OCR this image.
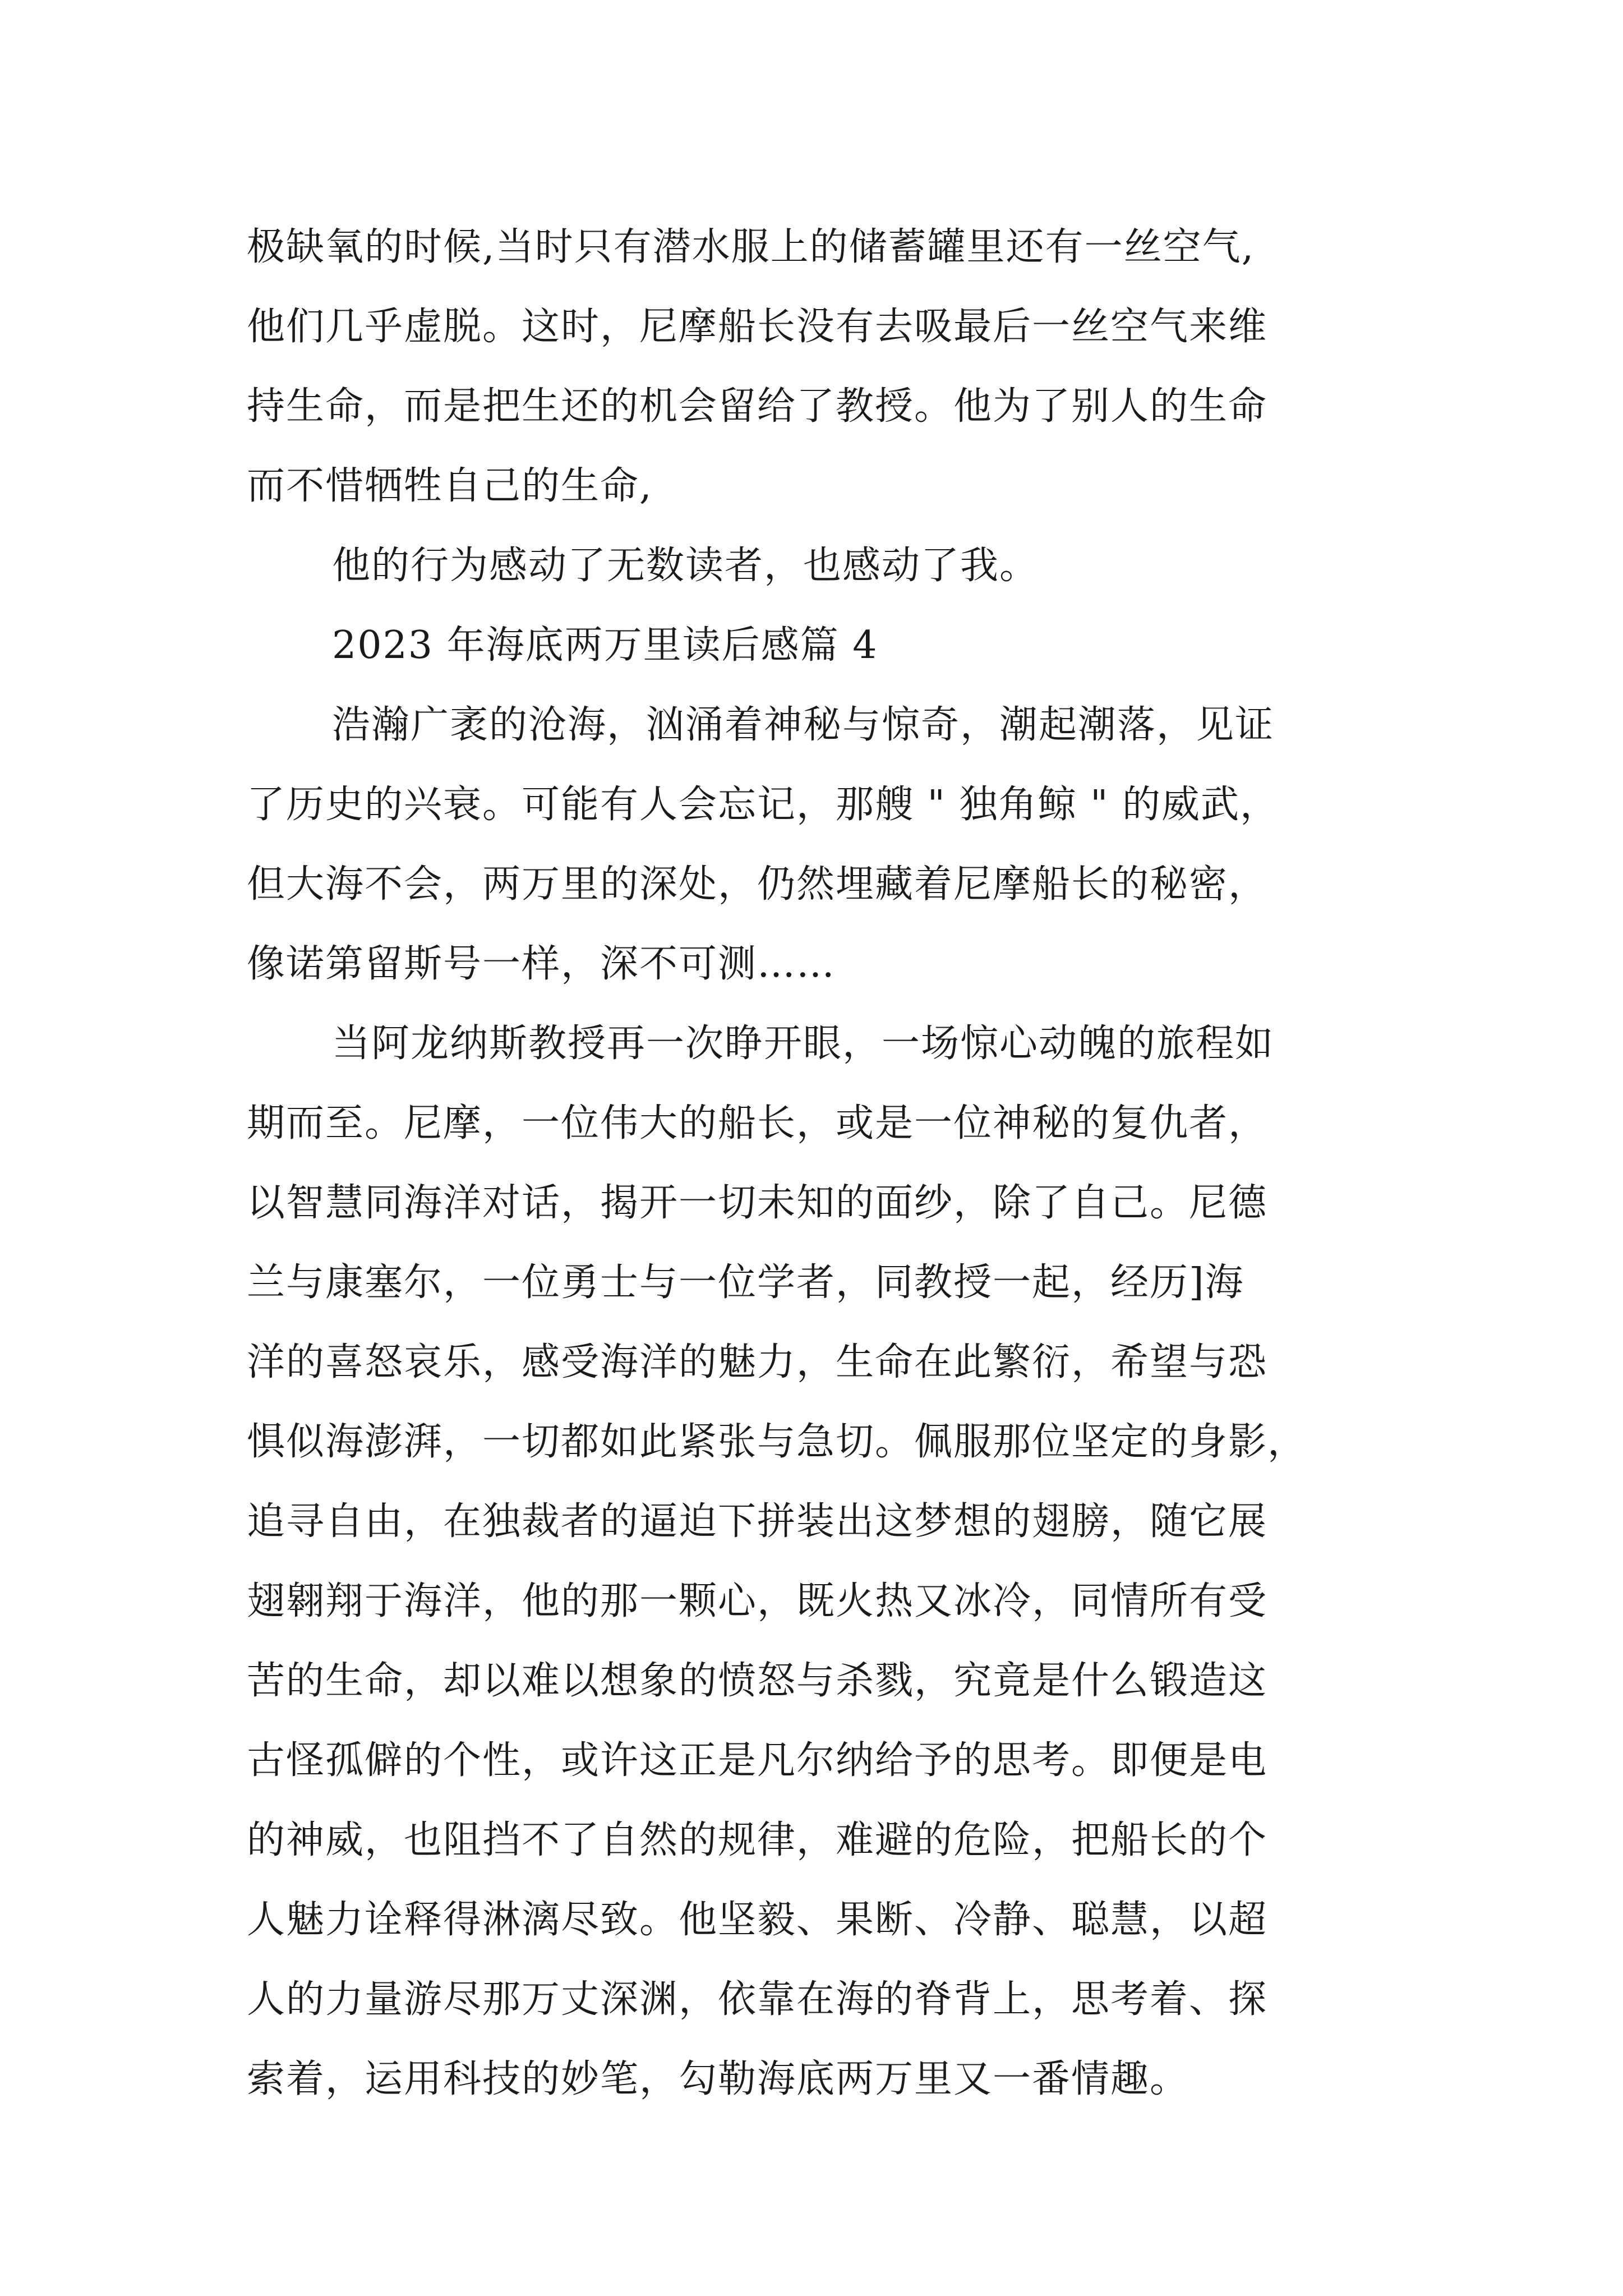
极缺氧的时候,当时只有潜水服上的储蓄罐里还有一丝空气,
他们几乎虚脱。这时，尼摩船长没有去吸最后一丝空气来维
持生命，而是把生还的机会留给了教授。他为了别人的生命
而不惜牺牲自己的生命,
他的行为感动了无数读者，也感动了我。
2023 年海底两万里读后感篇 4
浩瀚广袤的沧海，汹涌着神秘与惊奇，潮起潮落，见证
了历史的兴衰。可能有人会忘记，那艘 " 独角鲸 " 的威武，
但大海不会，两万里的深处，仍然埋藏着尼摩船长的秘密，
像诺第留斯号一样，深不可测……
当阿龙纳斯教授再一次睁开眼，一场惊心动魄的旅程如
期而至。尼摩，一位伟大的船长，或是一位神秘的复仇者，
以智慧同海洋对话，揭开一切未知的面纱，除了自己。尼德
兰与康塞尔，一位勇士与一位学者，同教授一起，经历]海
洋的喜怒哀乐，感受海洋的魅力，生命在此繁衍，希望与恐
惧似海澎湃，一切都如此紧张与急切。佩服那位坚定的身影，
追寻自由，在独裁者的逼迫下拼装出这梦想的翅膀，随它展
翅翱翔于海洋，他的那一颗心，既火热又冰冷，同情所有受
苦的生命，却以难以想象的愤怒与杀戮，究竟是什么锻造这
古怪孤僻的个性，或许这正是凡尔纳给予的思考。即便是电
的神威，也阻挡不了自然的规律，难避的危险，把船长的个
人魅力诠释得淋漓尽致。他坚毅、果断、冷静、聪慧，以超
人的力量游尽那万丈深渊，依靠在海的脊背上，思考着、探
索着，运用科技的妙笔，勾勒海底两万里又一番情趣。
